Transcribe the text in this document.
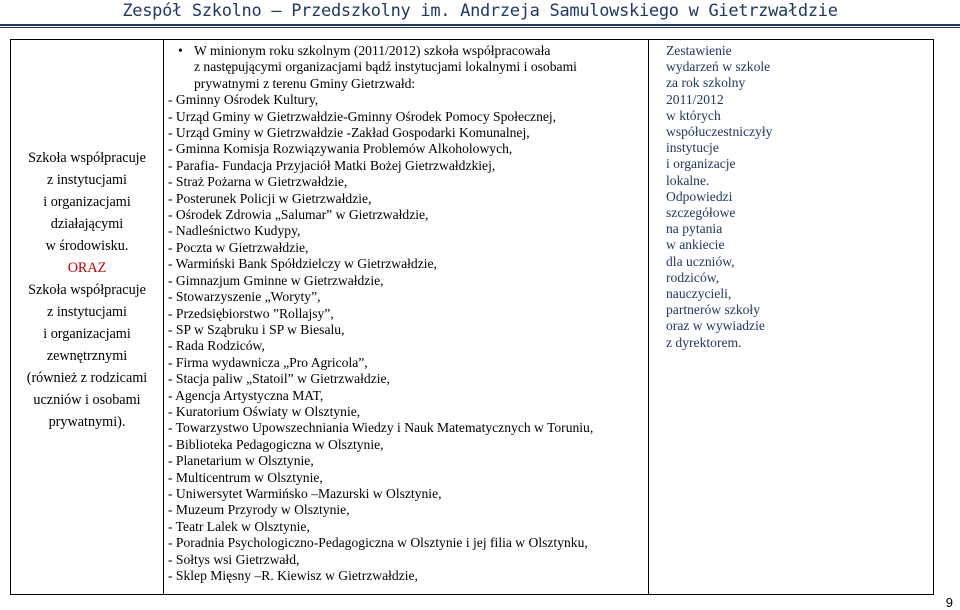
Zespół Szkolno – Przedszkolny im. Andrzeja Samulowskiego w Gietrzwałdzie
Szkoła współpracuje
z instytucjami
i organizacjami
działającymi
w środowisku.
ORAZ
Szkoła współpracuje
z instytucjami
i organizacjami
zewnętrznymi
(również z rodzicami
uczniów i osobami
prywatnymi).

• W minionym roku szkolnym (2011/2012) szkoła współpracowała
z następującymi organizacjami bądź instytucjami lokalnymi i osobami
prywatnymi z terenu Gminy Gietrzwałd:
- Gminny Ośrodek Kultury,
- Urząd Gminy w Gietrzwałdzie-Gminny Ośrodek Pomocy Społecznej,
- Urząd Gminy w Gietrzwałdzie -Zakład Gospodarki Komunalnej,
- Gminna Komisja Rozwiązywania Problemów Alkoholowych,
- Parafia- Fundacja Przyjaciół Matki Bożej Gietrzwałdzkiej,
- Straż Pożarna w Gietrzwałdzie,
- Posterunek Policji w Gietrzwałdzie,
- Ośrodek Zdrowia „Salumar” w Gietrzwałdzie,
- Nadleśnictwo Kudypy,
- Poczta w Gietrzwałdzie,
- Warmiński Bank Spółdzielczy w Gietrzwałdzie,
- Gimnazjum Gminne w Gietrzwałdzie,
- Stowarzyszenie „Woryty”,
- Przedsiębiorstwo ”Rollajsy”,
- SP w Sząbruku i SP w Biesalu,
- Rada Rodziców,
- Firma wydawnicza „Pro Agricola”,
- Stacja paliw „Statoil” w Gietrzwałdzie,
- Agencja Artystyczna MAT,
- Kuratorium Oświaty w Olsztynie,
- Towarzystwo Upowszechniania Wiedzy i Nauk Matematycznych w Toruniu,
- Biblioteka Pedagogiczna w Olsztynie,
- Planetarium w Olsztynie,
- Multicentrum w Olsztynie,
- Uniwersytet Warmińsko –Mazurski w Olsztynie,
- Muzeum Przyrody w Olsztynie,
- Teatr Lalek w Olsztynie,
- Poradnia Psychologiczno-Pedagogiczna w Olsztynie i jej filia w Olsztynku,
- Sołtys wsi Gietrzwałd,
- Sklep Mięsny –R. Kiewisz w Gietrzwałdzie,

Zestawienie
wydarzeń w szkole
za rok szkolny
2011/2012
w których
współuczestniczyły
instytucje
i organizacje
lokalne.
Odpowiedzi
szczegółowe
na pytania
w ankiecie
dla uczniów,
rodziców,
nauczycieli,
partnerów szkoły
oraz w wywiadzie
z dyrektorem.
9
